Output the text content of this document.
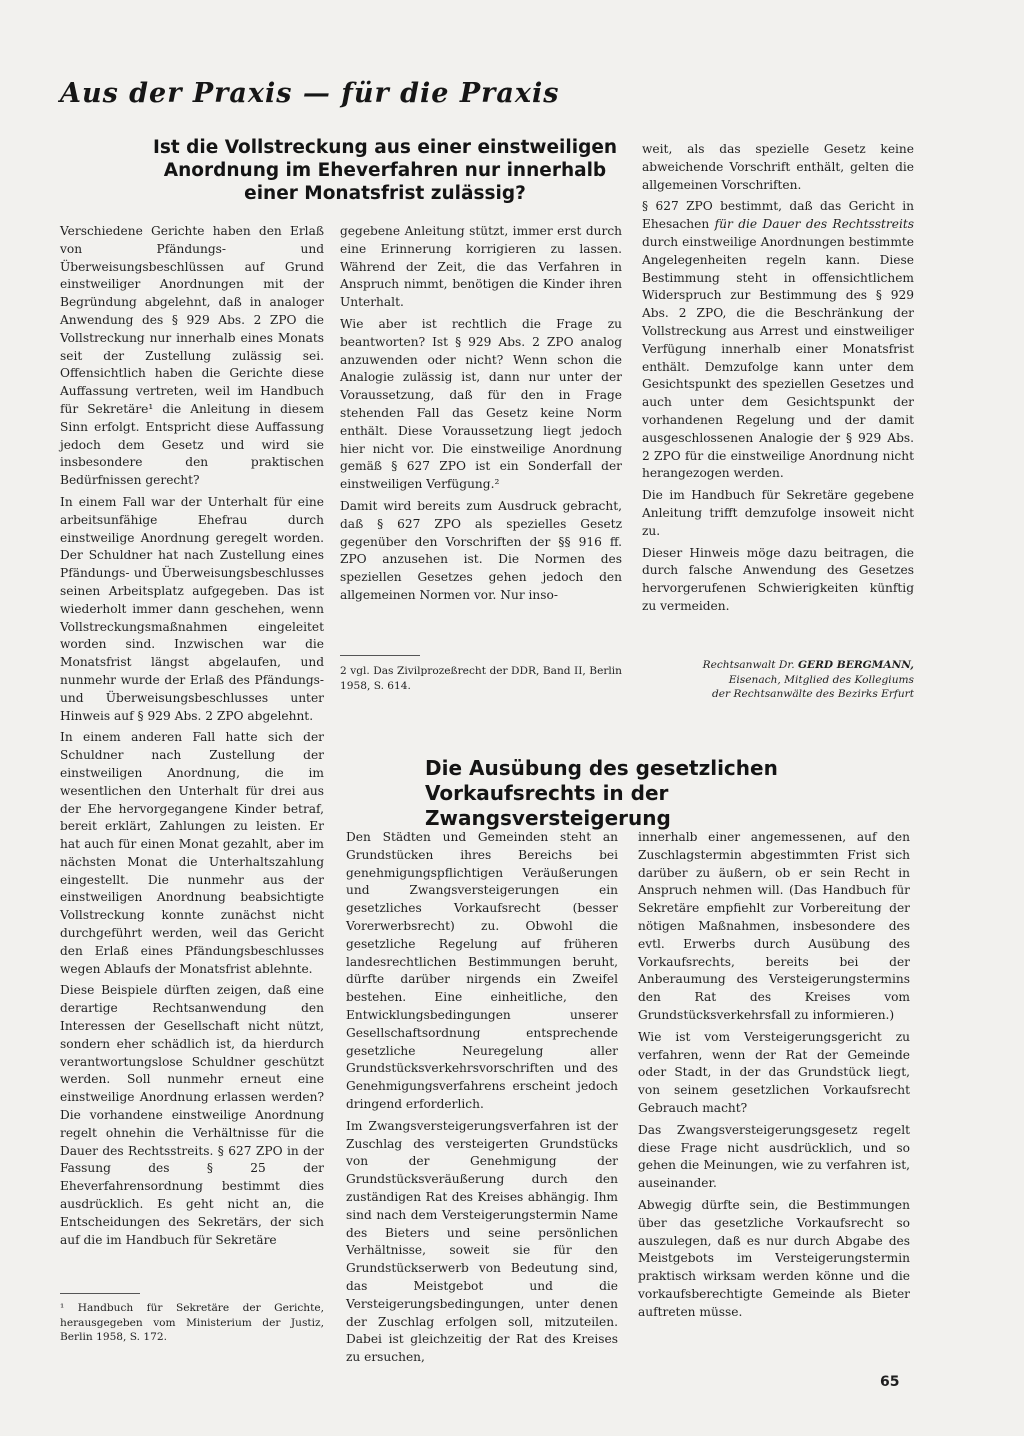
Aus der Praxis — für die Praxis
Ist die Vollstreckung aus einer einstweiligen Anordnung im Eheverfahren nur innerhalb einer Monatsfrist zulässig?

Verschiedene Gerichte haben den Erlaß von Pfändungs- und Überweisungsbeschlüssen auf Grund einstweiliger Anordnungen mit der Begründung abgelehnt, daß in analoger Anwendung des § 929 Abs. 2 ZPO die Vollstreckung nur innerhalb eines Monats seit der Zustellung zulässig sei. Offensichtlich haben die Gerichte diese Auffassung vertreten, weil im Handbuch für Sekretäre¹ die Anleitung in diesem Sinn erfolgt. Entspricht diese Auffassung jedoch dem Gesetz und wird sie insbesondere den praktischen Bedürfnissen gerecht?

In einem Fall war der Unterhalt für eine arbeitsunfähige Ehefrau durch einstweilige Anordnung geregelt worden. Der Schuldner hat nach Zustellung eines Pfändungs- und Überweisungsbeschlusses seinen Arbeitsplatz aufgegeben. Das ist wiederholt immer dann geschehen, wenn Vollstreckungsmaßnahmen eingeleitet worden sind. Inzwischen war die Monatsfrist längst abgelaufen, und nunmehr wurde der Erlaß des Pfändungs- und Überweisungsbeschlusses unter Hinweis auf § 929 Abs. 2 ZPO abgelehnt.

In einem anderen Fall hatte sich der Schuldner nach Zustellung der einstweiligen Anordnung, die im wesentlichen den Unterhalt für drei aus der Ehe hervorgegangene Kinder betraf, bereit erklärt, Zahlungen zu leisten. Er hat auch für einen Monat gezahlt, aber im nächsten Monat die Unterhaltszahlung eingestellt. Die nunmehr aus der einstweiligen Anordnung beabsichtigte Vollstreckung konnte zunächst nicht durchgeführt werden, weil das Gericht den Erlaß eines Pfändungsbeschlusses wegen Ablaufs der Monatsfrist ablehnte.

Diese Beispiele dürften zeigen, daß eine derartige Rechtsanwendung den Interessen der Gesellschaft nicht nützt, sondern eher schädlich ist, da hierdurch verantwortungslose Schuldner geschützt werden. Soll nunmehr erneut eine einstweilige Anordnung erlassen werden? Die vorhandene einstweilige Anordnung regelt ohnehin die Verhältnisse für die Dauer des Rechtsstreits. § 627 ZPO in der Fassung des § 25 der Eheverfahrensordnung bestimmt dies ausdrücklich. Es geht nicht an, die Entscheidungen des Sekretärs, der sich auf die im Handbuch für Sekretäre

¹ Handbuch für Sekretäre der Gerichte, herausgegeben vom Ministerium der Justiz, Berlin 1958, S. 172.

gegebene Anleitung stützt, immer erst durch eine Erinnerung korrigieren zu lassen. Während der Zeit, die das Verfahren in Anspruch nimmt, benötigen die Kinder ihren Unterhalt.

Wie aber ist rechtlich die Frage zu beantworten? Ist § 929 Abs. 2 ZPO analog anzuwenden oder nicht? Wenn schon die Analogie zulässig ist, dann nur unter der Voraussetzung, daß für den in Frage stehenden Fall das Gesetz keine Norm enthält. Diese Voraussetzung liegt jedoch hier nicht vor. Die einstweilige Anordnung gemäß § 627 ZPO ist ein Sonderfall der einstweiligen Verfügung.²

Damit wird bereits zum Ausdruck gebracht, daß § 627 ZPO als spezielles Gesetz gegenüber den Vorschriften der §§ 916 ff. ZPO anzusehen ist. Die Normen des speziellen Gesetzes gehen jedoch den allgemeinen Normen vor. Nur inso-

2 vgl. Das Zivilprozeßrecht der DDR, Band II, Berlin 1958, S. 614.

weit, als das spezielle Gesetz keine abweichende Vorschrift enthält, gelten die allgemeinen Vorschriften.

§ 627 ZPO bestimmt, daß das Gericht in Ehesachen für die Dauer des Rechtsstreits durch einstweilige Anordnungen bestimmte Angelegenheiten regeln kann. Diese Bestimmung steht in offensichtlichem Widerspruch zur Bestimmung des § 929 Abs. 2 ZPO, die die Beschränkung der Vollstreckung aus Arrest und einstweiliger Verfügung innerhalb einer Monatsfrist enthält. Demzufolge kann unter dem Gesichtspunkt des speziellen Gesetzes und auch unter dem Gesichtspunkt der vorhandenen Regelung und der damit ausgeschlossenen Analogie der § 929 Abs. 2 ZPO für die einstweilige Anordnung nicht herangezogen werden.

Die im Handbuch für Sekretäre gegebene Anleitung trifft demzufolge insoweit nicht zu.

Dieser Hinweis möge dazu beitragen, die durch falsche Anwendung des Gesetzes hervorgerufenen Schwierigkeiten künftig zu vermeiden.

Rechtsanwalt Dr. GERD BERGMANN,
Eisenach, Mitglied des Kollegiums
der Rechtsanwälte des Bezirks Erfurt
Die Ausübung des gesetzlichen Vorkaufsrechts in der Zwangsversteigerung

Den Städten und Gemeinden steht an Grundstücken ihres Bereichs bei genehmigungspflichtigen Veräußerungen und Zwangsversteigerungen ein gesetzliches Vorkaufsrecht (besser Vorerwerbsrecht) zu. Obwohl die gesetzliche Regelung auf früheren landesrechtlichen Bestimmungen beruht, dürfte darüber nirgends ein Zweifel bestehen. Eine einheitliche, den Entwicklungsbedingungen unserer Gesellschaftsordnung entsprechende gesetzliche Neuregelung aller Grundstücksverkehrsvorschriften und des Genehmigungsverfahrens erscheint jedoch dringend erforderlich.

Im Zwangsversteigerungsverfahren ist der Zuschlag des versteigerten Grundstücks von der Genehmigung der Grundstücksveräußerung durch den zuständigen Rat des Kreises abhängig. Ihm sind nach dem Versteigerungstermin Name des Bieters und seine persönlichen Verhältnisse, soweit sie für den Grundstückserwerb von Bedeutung sind, das Meistgebot und die Versteigerungsbedingungen, unter denen der Zuschlag erfolgen soll, mitzuteilen. Dabei ist gleichzeitig der Rat des Kreises zu ersuchen,

innerhalb einer angemessenen, auf den Zuschlagstermin abgestimmten Frist sich darüber zu äußern, ob er sein Recht in Anspruch nehmen will. (Das Handbuch für Sekretäre empfiehlt zur Vorbereitung der nötigen Maßnahmen, insbesondere des evtl. Erwerbs durch Ausübung des Vorkaufsrechts, bereits bei der Anberaumung des Versteigerungstermins den Rat des Kreises vom Grundstücksverkehrsfall zu informieren.)

Wie ist vom Versteigerungsgericht zu verfahren, wenn der Rat der Gemeinde oder Stadt, in der das Grundstück liegt, von seinem gesetzlichen Vorkaufsrecht Gebrauch macht?

Das Zwangsversteigerungsgesetz regelt diese Frage nicht ausdrücklich, und so gehen die Meinungen, wie zu verfahren ist, auseinander.

Abwegig dürfte sein, die Bestimmungen über das gesetzliche Vorkaufsrecht so auszulegen, daß es nur durch Abgabe des Meistgebots im Versteigerungstermin praktisch wirksam werden könne und die vorkaufsberechtigte Gemeinde als Bieter auftreten müsse.

65
